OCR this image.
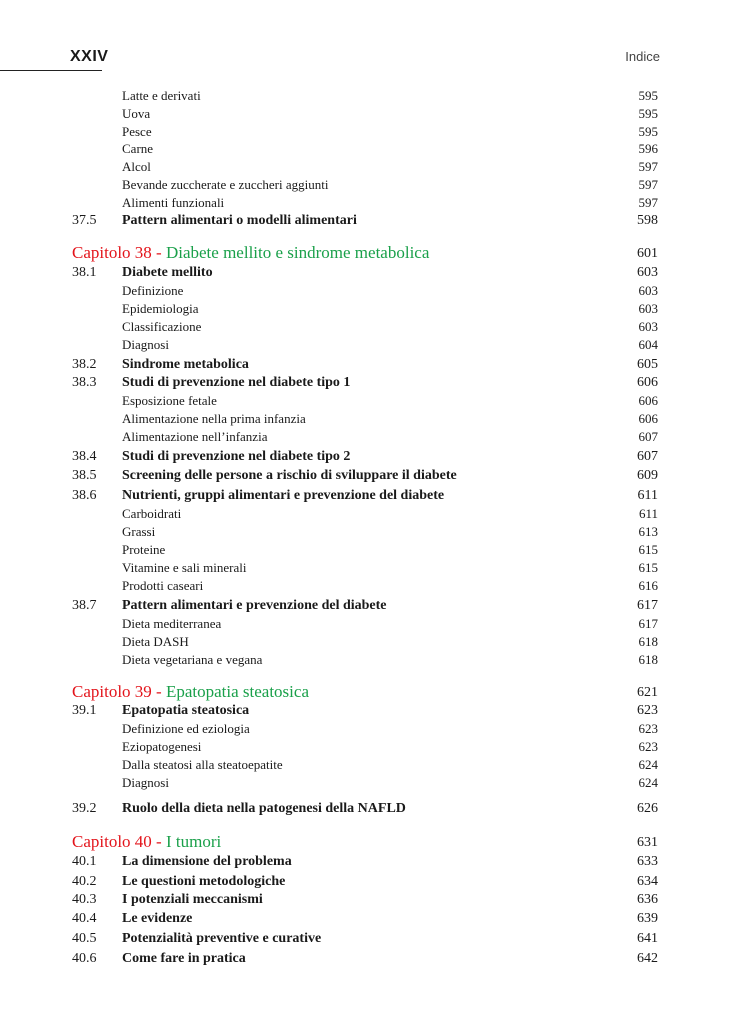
XXIV	Indice
Latte e derivati	595
Uova	595
Pesce	595
Carne	596
Alcol	597
Bevande zuccherate e zuccheri aggiunti	597
Alimenti funzionali	597
37.5 Pattern alimentari o modelli alimentari	598
Capitolo 38 - Diabete mellito e sindrome metabolica	601
38.1 Diabete mellito	603
Definizione	603
Epidemiologia	603
Classificazione	603
Diagnosi	604
38.2 Sindrome metabolica	605
38.3 Studi di prevenzione nel diabete tipo 1	606
Esposizione fetale	606
Alimentazione nella prima infanzia	606
Alimentazione nell’infanzia	607
38.4 Studi di prevenzione nel diabete tipo 2	607
38.5 Screening delle persone a rischio di sviluppare il diabete	609
38.6 Nutrienti, gruppi alimentari e prevenzione del diabete	611
Carboidrati	611
Grassi	613
Proteine	615
Vitamine e sali minerali	615
Prodotti caseari	616
38.7 Pattern alimentari e prevenzione del diabete	617
Dieta mediterranea	617
Dieta DASH	618
Dieta vegetariana e vegana	618
Capitolo 39 - Epatopatia steatosica	621
39.1 Epatopatia steatosica	623
Definizione ed eziologia	623
Eziopatogenesi	623
Dalla steatosi alla steatoepatite	624
Diagnosi	624
39.2 Ruolo della dieta nella patogenesi della NAFLD	626
Capitolo 40 - I tumori	631
40.1 La dimensione del problema	633
40.2 Le questioni metodologiche	634
40.3 I potenziali meccanismi	636
40.4 Le evidenze	639
40.5 Potenzialità preventive e curative	641
40.6 Come fare in pratica	642
